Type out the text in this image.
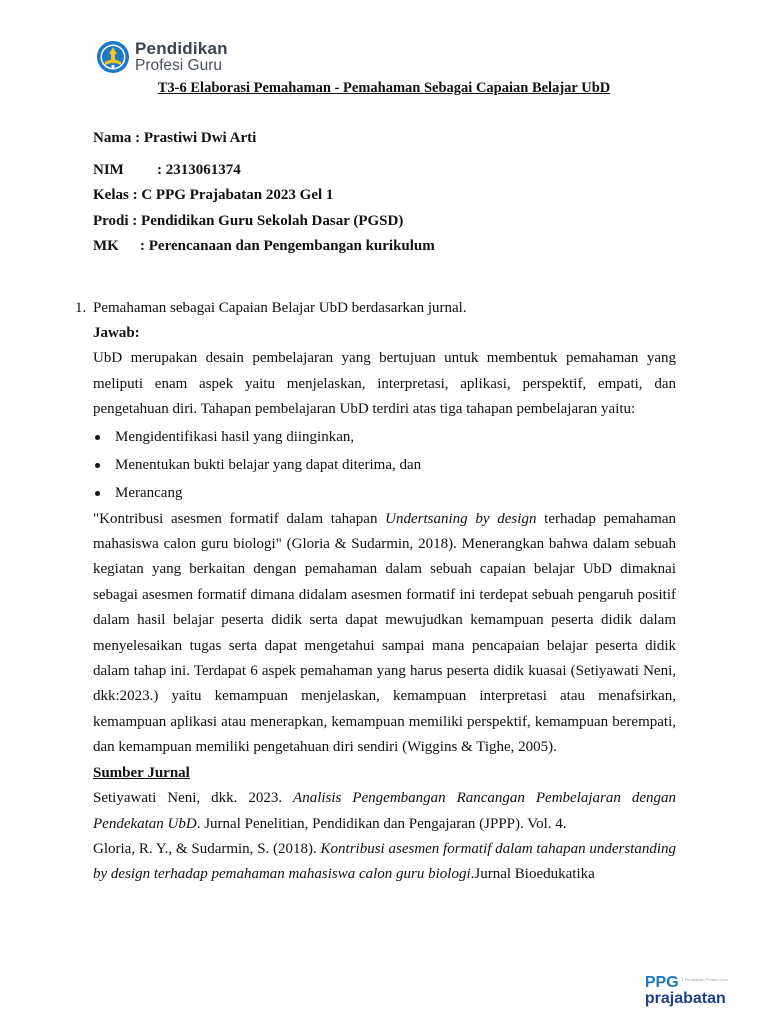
Pendidikan
Profesi Guru
T3-6 Elaborasi Pemahaman - Pemahaman Sebagai Capaian Belajar UbD
Nama : Prastiwi Dwi Arti
NIM	: 2313061374
Kelas : C PPG Prajabatan 2023 Gel 1
Prodi : Pendidikan Guru Sekolah Dasar (PGSD)
MK	: Perencanaan dan Pengembangan kurikulum
1. Pemahaman sebagai Capaian Belajar UbD berdasarkan jurnal.
Jawab:
UbD merupakan desain pembelajaran yang bertujuan untuk membentuk pemahaman yang meliputi enam aspek yaitu menjelaskan, interpretasi, aplikasi, perspektif, empati, dan pengetahuan diri. Tahapan pembelajaran UbD terdiri atas tiga tahapan pembelajaran yaitu:
Mengidentifikasi hasil yang diinginkan,
Menentukan bukti belajar yang dapat diterima, dan
Merancang
"Kontribusi asesmen formatif dalam tahapan Undertsaning by design terhadap pemahaman mahasiswa calon guru biologi" (Gloria & Sudarmin, 2018). Menerangkan bahwa dalam sebuah kegiatan yang berkaitan dengan pemahaman dalam sebuah capaian belajar UbD dimaknai sebagai asesmen formatif dimana didalam asesmen formatif ini terdepat sebuah pengaruh positif dalam hasil belajar peserta didik serta dapat mewujudkan kemampuan peserta didik dalam menyelesaikan tugas serta dapat mengetahui sampai mana pencapaian belajar peserta didik dalam tahap ini. Terdapat 6 aspek pemahaman yang harus peserta didik kuasai (Setiyawati Neni, dkk:2023.) yaitu kemampuan menjelaskan, kemampuan interpretasi atau menafsirkan, kemampuan aplikasi atau menerapkan, kemampuan memiliki perspektif, kemampuan berempati, dan kemampuan memiliki pengetahuan diri sendiri (Wiggins & Tighe, 2005).
Sumber Jurnal
Setiyawati Neni, dkk. 2023. Analisis Pengembangan Rancangan Pembelajaran dengan Pendekatan UbD. Jurnal Penelitian, Pendidikan dan Pengajaran (JPPP). Vol. 4.
Gloria, R. Y., & Sudarmin, S. (2018). Kontribusi asesmen formatif dalam tahapan understanding by design terhadap pemahaman mahasiswa calon guru biologi.Jurnal Bioedukatika
PPG	Pendidikan Profesi Guru
prajabatan
